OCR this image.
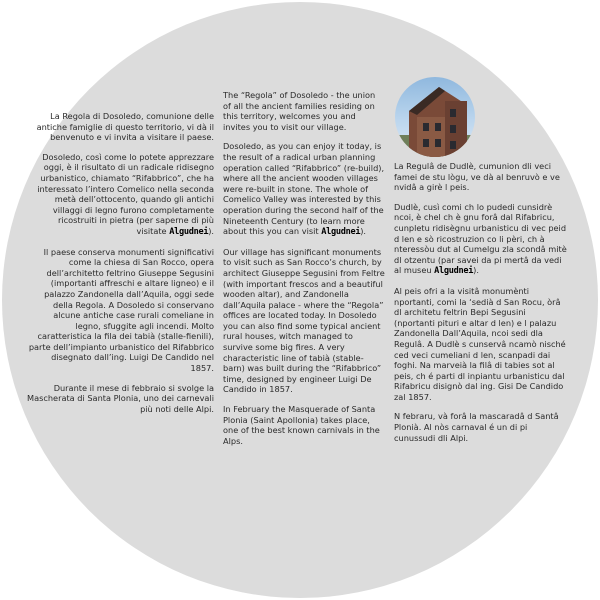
La Regola di Dosoledo, comunione delle antiche famiglie di questo territorio, vi dà il benvenuto e vi invita a visitare il paese.

Dosoledo, così come lo potete apprezzare oggi, è il risultato di un radicale ridisegno urbanistico, chiamato “Rifabbrico”, che ha interessato l’intero Comelico nella seconda metà dell’ottocento, quando gli antichi villaggi di legno furono completamente ricostruiti in pietra (per saperne di più visitate Algudnei).

Il paese conserva monumenti significativi come la chiesa di San Rocco, opera dell’architetto feltrino Giuseppe Segusini (importanti affreschi e altare ligneo) e il palazzo Zandonella dall’Aquila, oggi sede della Regola. A Dosoledo si conservano alcune antiche case rurali comeliane in legno, sfuggite agli incendi. Molto caratteristica la fila dei tabià (stalle-fienili), parte dell’impianto urbanistico del Rifabbrico disegnato dall’ing. Luigi De Candido nel 1857.

Durante il mese di febbraio si svolge la Mascherata di Santa Plonia, uno dei carnevali più noti delle Alpi.

The “Regola” of Dosoledo - the union of all the ancient families residing on this territory, welcomes you and invites you to visit our village.

Dosoledo, as you can enjoy it today, is the result of a radical urban planning operation called “Rifabbrico” (re-build), where all the ancient wooden villages were re-built in stone. The whole of Comelico Valley was interested by this operation during the second half of the Nineteenth Century (to learn more about this you can visit Algudnei).

Our village has significant monuments to visit such as San Rocco’s church, by architect Giuseppe Segusini from Feltre (with important frescos and a beautiful wooden altar), and Zandonella dall’Aquila palace - where the “Regola” offices are located today. In Dosoledo you can also find some typical ancient rural houses, witch managed to survive some big fires. A very characteristic line of tabià (stable-barn) was built during the “Rifabbrico” time, designed by engineer Luigi De Candido in 1857.

In February the Masquerade of Santa Plonia (Saint Apollonia) takes place, one of the best known carnivals in the Alps.

La Regulâ de Dudlè, cumunion dli veci famei de stu lògu, ve dà al benruvò e ve nvidâ a girè l peis.

Dudlè, cusì comi ch lo pudedi cunsidrè ncoi, è chel ch è gnu forâ dal Rifabricu, cunpletu ridisègnu urbanisticu di vec peid d len e sò ricostruzion co li pèri, ch à nteressòu dut al Cumelgu zla scondâ mitè dl otzentu (par savei da pi mertâ da vedi al museu Algudnei).

Al peis ofri a la visitâ monumènti nportanti, comi la ‘sedià d San Rocu, òrâ dl architetu feltrin Bepi Segusini (nportanti pituri e altar d len) e l palazu Zandonella Dall’Aquila, ncoi sedi dla Regulâ. A Dudlè s cunservâ ncamò nisché ced veci cumeliani d len, scanpadi dai foghi. Na marveià la filâ di tabies sot al peis, ch é parti dl inpiantu urbanisticu dal Rifabricu disignò dal ing. Gisi De Candido zal 1857.

N febraru, và forâ la mascaradâ d Santâ Plonià. Al nòs carnaval é un di pi cunussudi dli Alpi.
